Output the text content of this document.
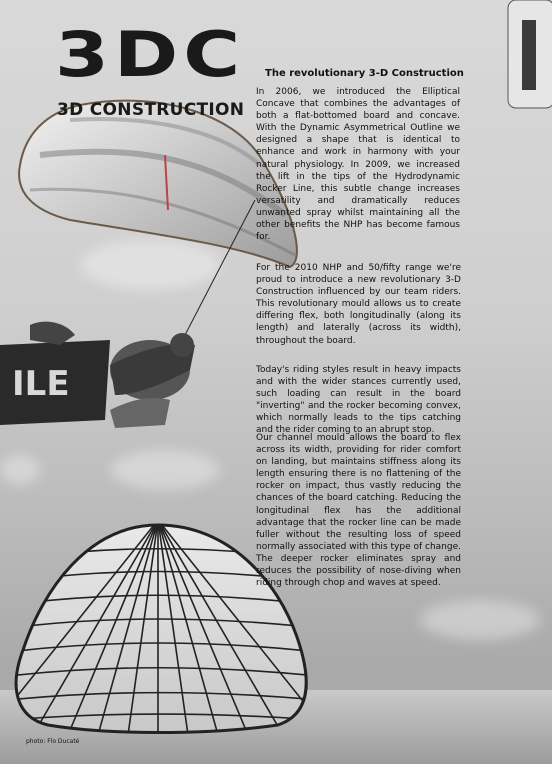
ILE
3DC
3D CONSTRUCTION
The revolutionary 3-D Construction

In 2006, we introduced the Elliptical Concave that combines the advantages of both a flat-bottomed board and concave. With the Dynamic Asymmetrical Outline we designed a shape that is identical to enhance and work in harmony with your natural physiology. In 2009, we increased the lift in the tips of the Hydrodynamic Rocker Line, this subtle change increases versatility and dramatically reduces unwanted spray whilst maintaining all the other benefits the NHP has become famous for.

For the 2010 NHP and 50/fifty range we're proud to introduce a new revolutionary 3-D Construction influenced by our team riders. This revolutionary mould allows us to create differing flex, both longitudinally (along its length) and laterally (across its width), throughout the board.

Today's riding styles result in heavy impacts and with the wider stances currently used, such loading can result in the board "inverting" and the rocker becoming convex, which normally leads to the tips catching and the rider coming to an abrupt stop.

Our channel mould allows the board to flex across its width, providing for rider comfort on landing, but maintains stiffness along its length ensuring there is no flattening of the rocker on impact, thus vastly reducing the chances of the board catching. Reducing the longitudinal flex has the additional advantage that the rocker line can be made fuller without the resulting loss of speed normally associated with this type of change. The deeper rocker eliminates spray and reduces the possibility of nose-diving when riding through chop and waves at speed.

photo: Flo Ducaté
